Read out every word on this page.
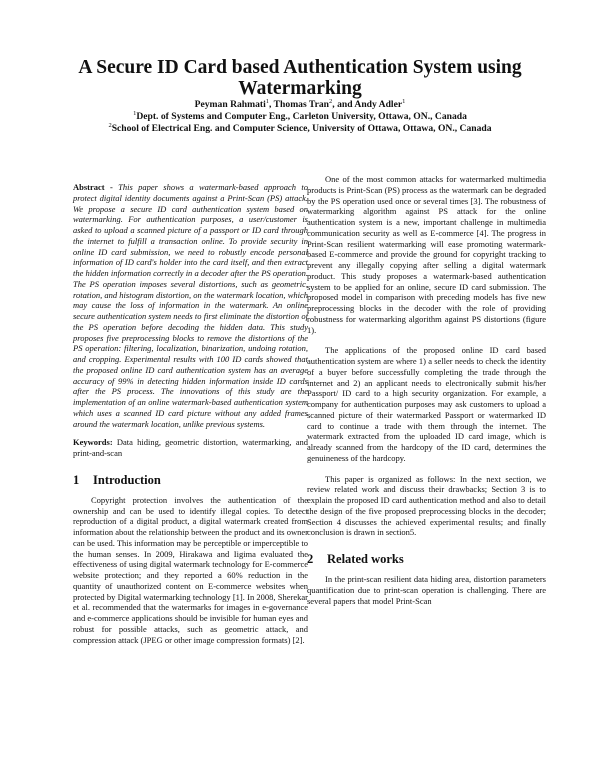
A Secure ID Card based Authentication System using Watermarking

Peyman Rahmati$^1$, Thomas Tran$^2$, and Andy Adler$^1$

$^1$Dept. of Systems and Computer Eng., Carleton University, Ottawa, ON., Canada

$^2$School of Electrical Eng. and Computer Science, University of Ottawa, Ottawa, ON., Canada

Abstract - This paper shows a watermark-based approach to protect digital identity documents against a Print-Scan (PS) attack. We propose a secure ID card authentication system based on watermarking. For authentication purposes, a user/customer is asked to upload a scanned picture of a passport or ID card through the internet to fulfill a transaction online. To provide security in online ID card submission, we need to robustly encode personal information of ID card's holder into the card itself, and then extract the hidden information correctly in a decoder after the PS operation. The PS operation imposes several distortions, such as geometric, rotation, and histogram distortion, on the watermark location, which may cause the loss of information in the watermark. An online secure authentication system needs to first eliminate the distortion of the PS operation before decoding the hidden data. This study proposes five preprocessing blocks to remove the distortions of the PS operation: filtering, localization, binarization, undoing rotation, and cropping. Experimental results with 100 ID cards showed that the proposed online ID card authentication system has an average accuracy of 99% in detecting hidden information inside ID cards after the PS process. The innovations of this study are the implementation of an online watermark-based authentication system which uses a scanned ID card picture without any added frames around the watermark location, unlike previous systems.

Keywords: Data hiding, geometric distortion, watermarking, and print-and-scan

1 Introduction

Copyright protection involves the authentication of the ownership and can be used to identify illegal copies. To detect reproduction of a digital product, a digital watermark created from information about the relationship between the product and its owner can be used. This information may be perceptible or imperceptible to the human senses. In 2009, Hirakawa and Iigima evaluated the effectiveness of using digital watermark technology for E-commerce website protection; and they reported a 60% reduction in the quantity of unauthorized content on E-commerce websites when protected by Digital watermarking technology [1]. In 2008, Sherekar et al. recommended that the watermarks for images in e-governance and e-commerce applications should be invisible for human eyes and robust for possible attacks, such as geometric attack, and compression attack (JPEG or other image compression formats) [2].

One of the most common attacks for watermarked multimedia products is Print-Scan (PS) process as the watermark can be degraded by the PS operation used once or several times [3]. The robustness of watermarking algorithm against PS attack for the online authentication system is a new, important challenge in multimedia communication security as well as E-commerce [4]. The progress in Print-Scan resilient watermarking will ease promoting watermark-based E-commerce and provide the ground for copyright tracking to prevent any illegally copying after selling a digital watermark product. This study proposes a watermark-based authentication system to be applied for an online, secure ID card submission. The proposed model in comparison with preceding models has five new preprocessing blocks in the decoder with the role of providing robustness for watermarking algorithm against PS distortions (figure 1).

The applications of the proposed online ID card based authentication system are where 1) a seller needs to check the identity of a buyer before successfully completing the trade through the internet and 2) an applicant needs to electronically submit his/her Passport/ ID card to a high security organization. For example, a company for authentication purposes may ask customers to upload a scanned picture of their watermarked Passport or watermarked ID card to continue a trade with them through the internet. The watermark extracted from the uploaded ID card image, which is already scanned from the hardcopy of the ID card, determines the genuineness of the hardcopy.

This paper is organized as follows: In the next section, we review related work and discuss their drawbacks; Section 3 is to explain the proposed ID card authentication method and also to detail the design of the five proposed preprocessing blocks in the decoder; Section 4 discusses the achieved experimental results; and finally conclusion is drawn in section5.

2 Related works

In the print-scan resilient data hiding area, distortion parameters quantification due to print-scan operation is challenging. There are several papers that model Print-Scan
